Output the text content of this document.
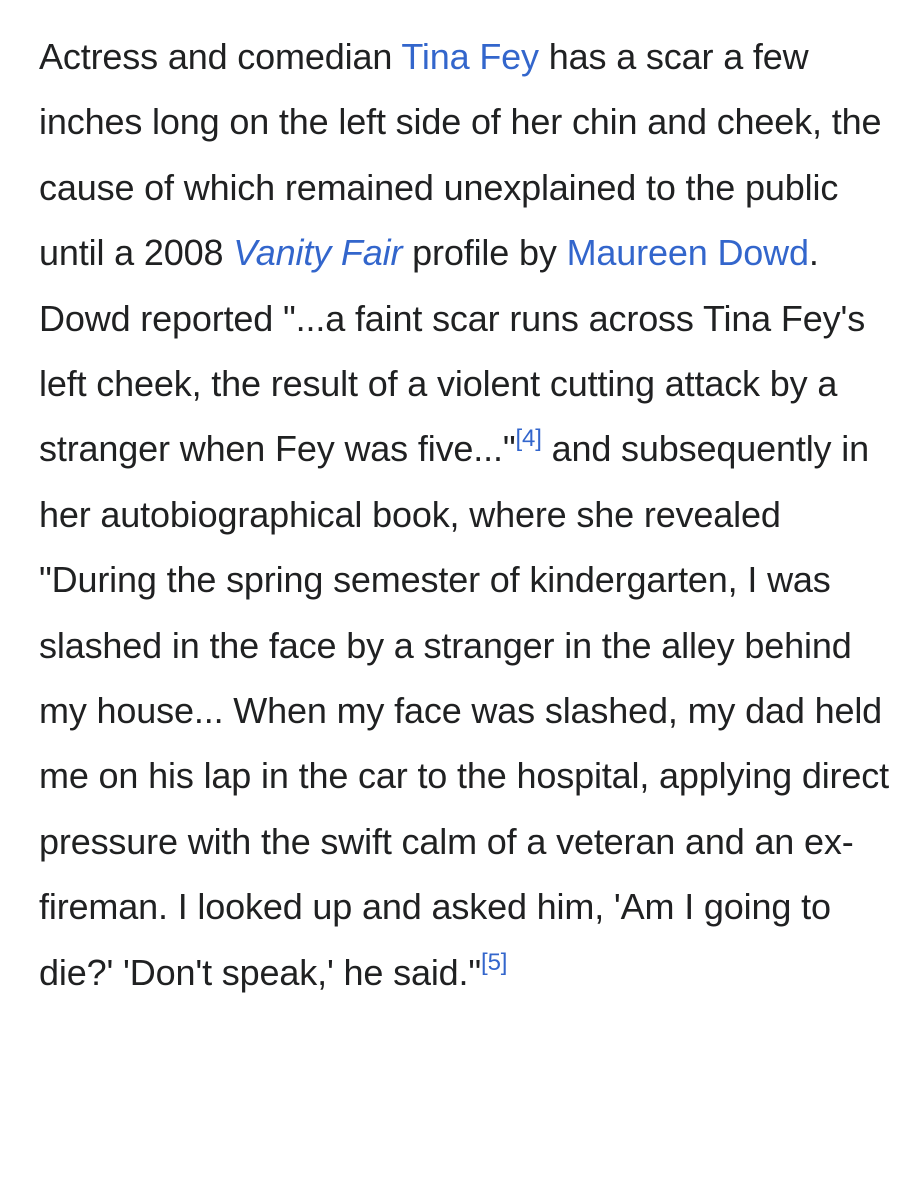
Actress and comedian Tina Fey has a scar a few inches long on the left side of her chin and cheek, the cause of which remained unexplained to the public until a 2008 Vanity Fair profile by Maureen Dowd. Dowd reported "...a faint scar runs across Tina Fey's left cheek, the result of a violent cutting attack by a stranger when Fey was five..."[4] and subsequently in her autobiographical book, where she revealed "During the spring semester of kindergarten, I was slashed in the face by a stranger in the alley behind my house... When my face was slashed, my dad held me on his lap in the car to the hospital, applying direct pressure with the swift calm of a veteran and an ex-fireman. I looked up and asked him, 'Am I going to die?' 'Don't speak,' he said."[5]
